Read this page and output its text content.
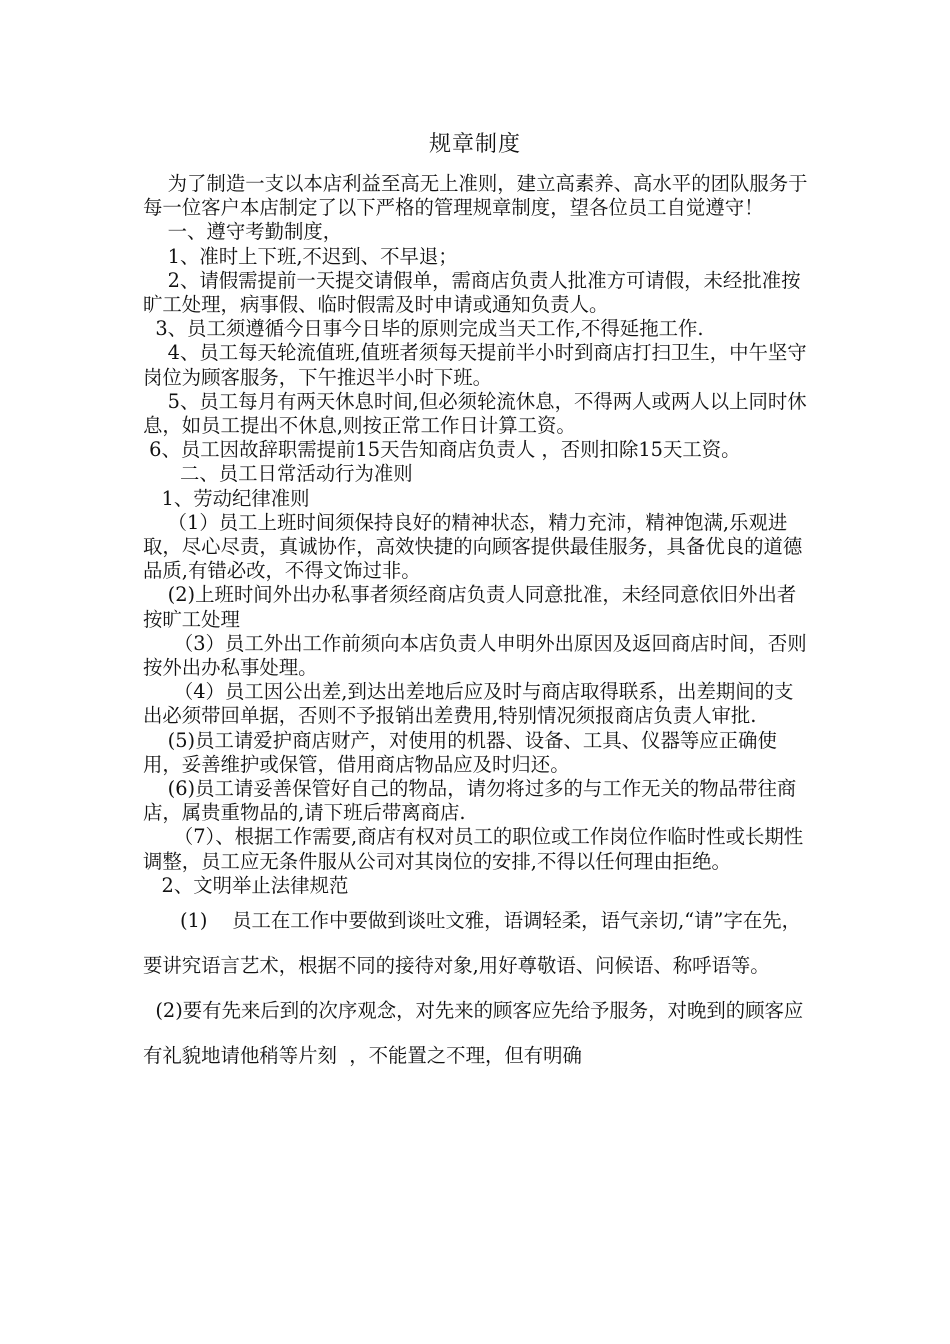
规章制度

为了制造一支以本店利益至高无上准则，建立高素养、高水平的团队服务于每一位客户本店制定了以下严格的管理规章制度，望各位员工自觉遵守！

一、遵守考勤制度，

1、准时上下班,不迟到、不早退；

2、请假需提前一天提交请假单，需商店负责人批准方可请假，未经批准按旷工处理，病事假、临时假需及时申请或通知负责人。

3、员工须遵循今日事今日毕的原则完成当天工作,不得延拖工作.

4、员工每天轮流值班,值班者须每天提前半小时到商店打扫卫生，中午坚守岗位为顾客服务，下午推迟半小时下班。

5、员工每月有两天休息时间,但必须轮流休息，不得两人或两人以上同时休息，如员工提出不休息,则按正常工作日计算工资。

6、员工因故辞职需提前15天告知商店负责人 ，否则扣除15天工资。

二、员工日常活动行为准则

1、劳动纪律准则

（1）员工上班时间须保持良好的精神状态，精力充沛，精神饱满,乐观进取，尽心尽责，真诚协作，高效快捷的向顾客提供最佳服务，具备优良的道德品质,有错必改，不得文饰过非。

(2)上班时间外出办私事者须经商店负责人同意批准，未经同意依旧外出者按旷工处理

（3）员工外出工作前须向本店负责人申明外出原因及返回商店时间，否则按外出办私事处理。

（4）员工因公出差,到达出差地后应及时与商店取得联系，出差期间的支出必须带回单据，否则不予报销出差费用,特别情况须报商店负责人审批.

(5)员工请爱护商店财产，对使用的机器、设备、工具、仪器等应正确使用，妥善维护或保管，借用商店物品应及时归还。

(6)员工请妥善保管好自己的物品，请勿将过多的与工作无关的物品带往商店，属贵重物品的,请下班后带离商店.

（7）、根据工作需要,商店有权对员工的职位或工作岗位作临时性或长期性调整，员工应无条件服从公司对其岗位的安排,不得以任何理由拒绝。

2、文明举止法律规范

(1)    员工在工作中要做到谈吐文雅，语调轻柔，语气亲切,“请”字在先，要讲究语言艺术，根据不同的接待对象,用好尊敬语、问候语、称呼语等。

(2)要有先来后到的次序观念，对先来的顾客应先给予服务，对晚到的顾客应有礼貌地请他稍等片刻  ，不能置之不理，但有明确
